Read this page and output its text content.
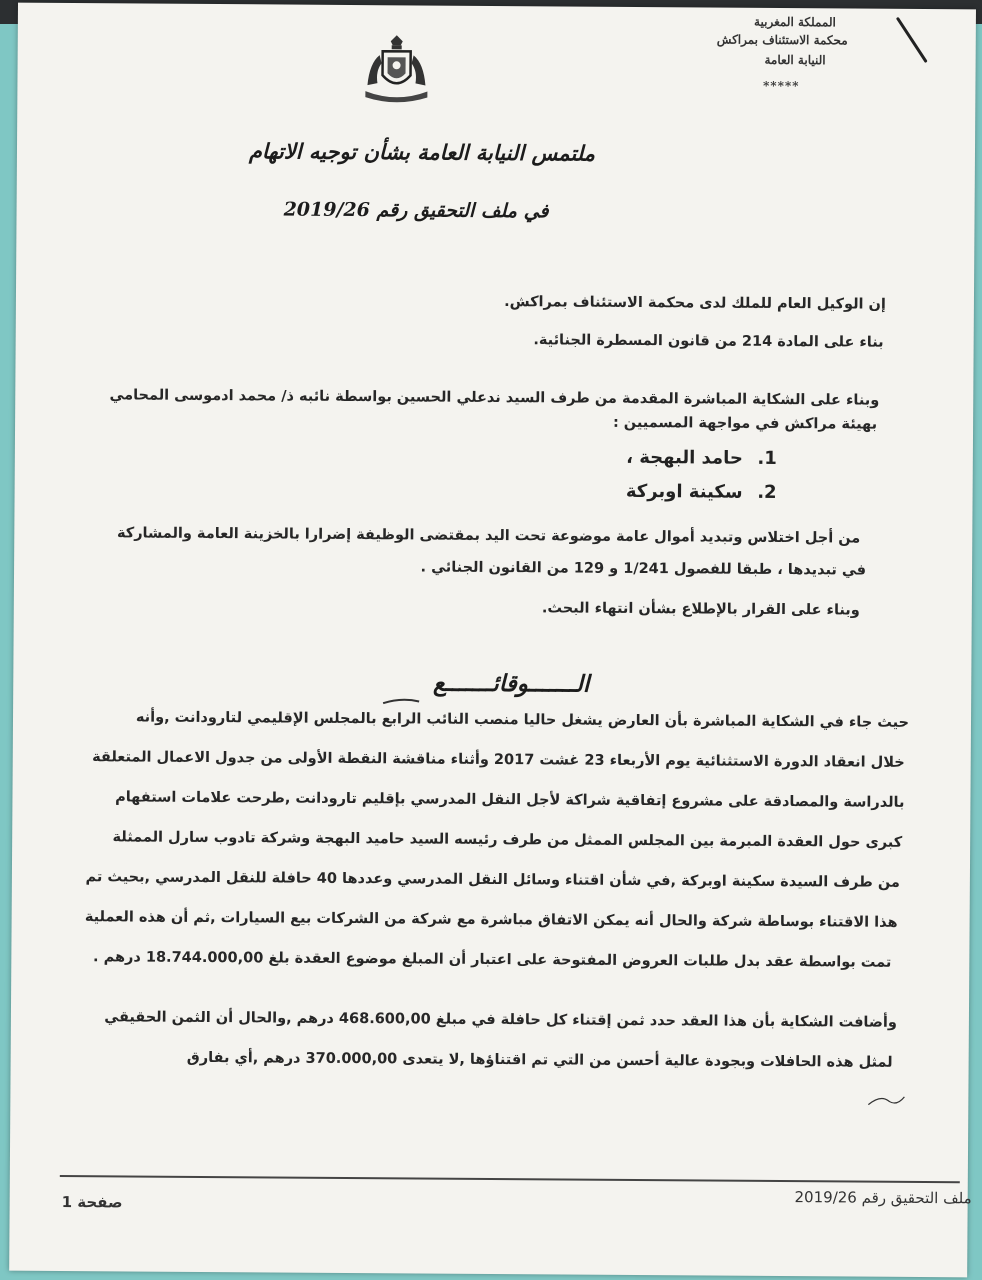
المملكة المغربية
محكمة الاستئناف بمراكش
النيابة العامة
*****
ملتمس النيابة العامة بشأن توجيه الاتهام
في ملف التحقيق رقم 2019/26
إن الوكيل العام للملك لدى محكمة الاستئناف بمراكش.
بناء على المادة 214 من قانون المسطرة الجنائية.
وبناء على الشكاية المباشرة المقدمة من طرف السيد ندعلي الحسين بواسطة نائبه ذ/ محمد ادموسى المحامي
بهيئة مراكش في مواجهة المسميين :
.1
حامد البهجة ،
.2
سكينة اوبركة
من أجل اختلاس وتبديد أموال عامة موضوعة تحت اليد بمقتضى الوظيفة إضرارا بالخزينة العامة والمشاركة
في تبديدها ، طبقا للفصول 1/241 و 129 من القانون الجنائي .
وبناء على القرار بالإطلاع بشأن انتهاء البحث.
الـــــــوقائـــــــع
حيث جاء في الشكاية المباشرة بأن العارض يشغل حاليا منصب النائب الرابع بالمجلس الإقليمي لتارودانت ,وأنه
خلال انعقاد الدورة الاستثنائية يوم الأربعاء 23 غشت 2017 وأثناء مناقشة النقطة الأولى من جدول الاعمال المتعلقة
بالدراسة والمصادقة على مشروع إتفاقية شراكة لأجل النقل المدرسي بإقليم تارودانت ,طرحت علامات استفهام
كبرى حول العقدة المبرمة بين المجلس الممثل من طرف رئيسه السيد حاميد البهجة وشركة تادوب سارل الممثلة
من طرف السيدة سكينة اوبركة ,في شأن اقتناء وسائل النقل المدرسي وعددها 40 حافلة للنقل المدرسي ,بحيث تم
هذا الاقتناء بوساطة شركة والحال أنه يمكن الاتفاق مباشرة مع شركة من الشركات بيع السيارات ,ثم أن هذه العملية
تمت بواسطة عقد بدل طلبات العروض المفتوحة على اعتبار أن المبلغ موضوع العقدة بلغ 18.744.000,00 درهم .
وأضافت الشكاية بأن هذا العقد حدد ثمن إقتناء كل حافلة في مبلغ 468.600,00 درهم ,والحال أن الثمن الحقيقي
لمثل هذه الحافلات وبجودة عالية أحسن من التي تم اقتناؤها ,لا يتعدى 370.000,00 درهم ,أي بفارق
ملف التحقيق رقم 2019/26
صفحة 1
